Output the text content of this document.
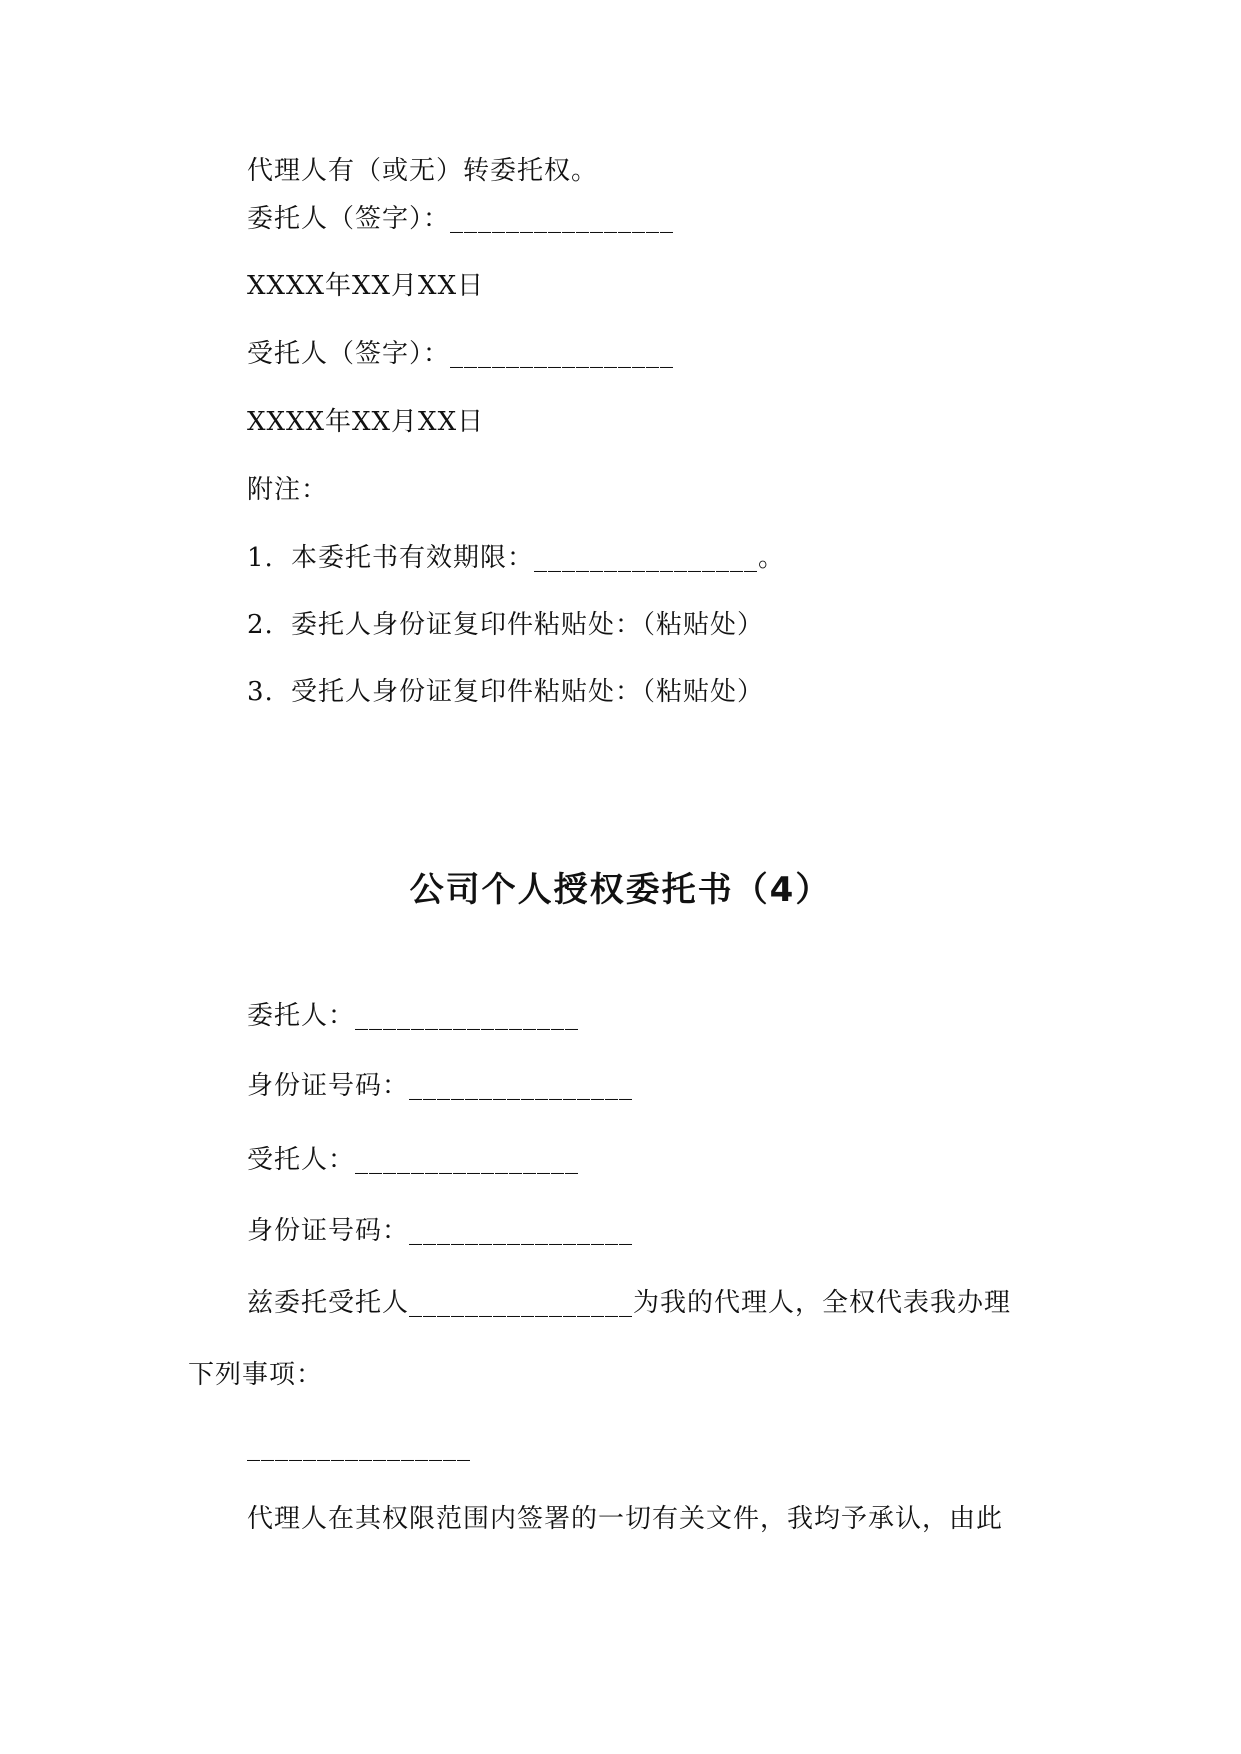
代理人有（或无）转委托权。
委托人（签字）：________________
XXXX年XX月XX日
受托人（签字）：________________
XXXX年XX月XX日
附注：
1. 本委托书有效期限：________________。
2. 委托人身份证复印件粘贴处：（粘贴处）
3. 受托人身份证复印件粘贴处：（粘贴处）
公司个人授权委托书（4）
委托人：________________
身份证号码：________________
受托人：________________
身份证号码：________________
兹委托受托人________________为我的代理人，全权代表我办理
下列事项：
________________
代理人在其权限范围内签署的一切有关文件，我均予承认，由此
